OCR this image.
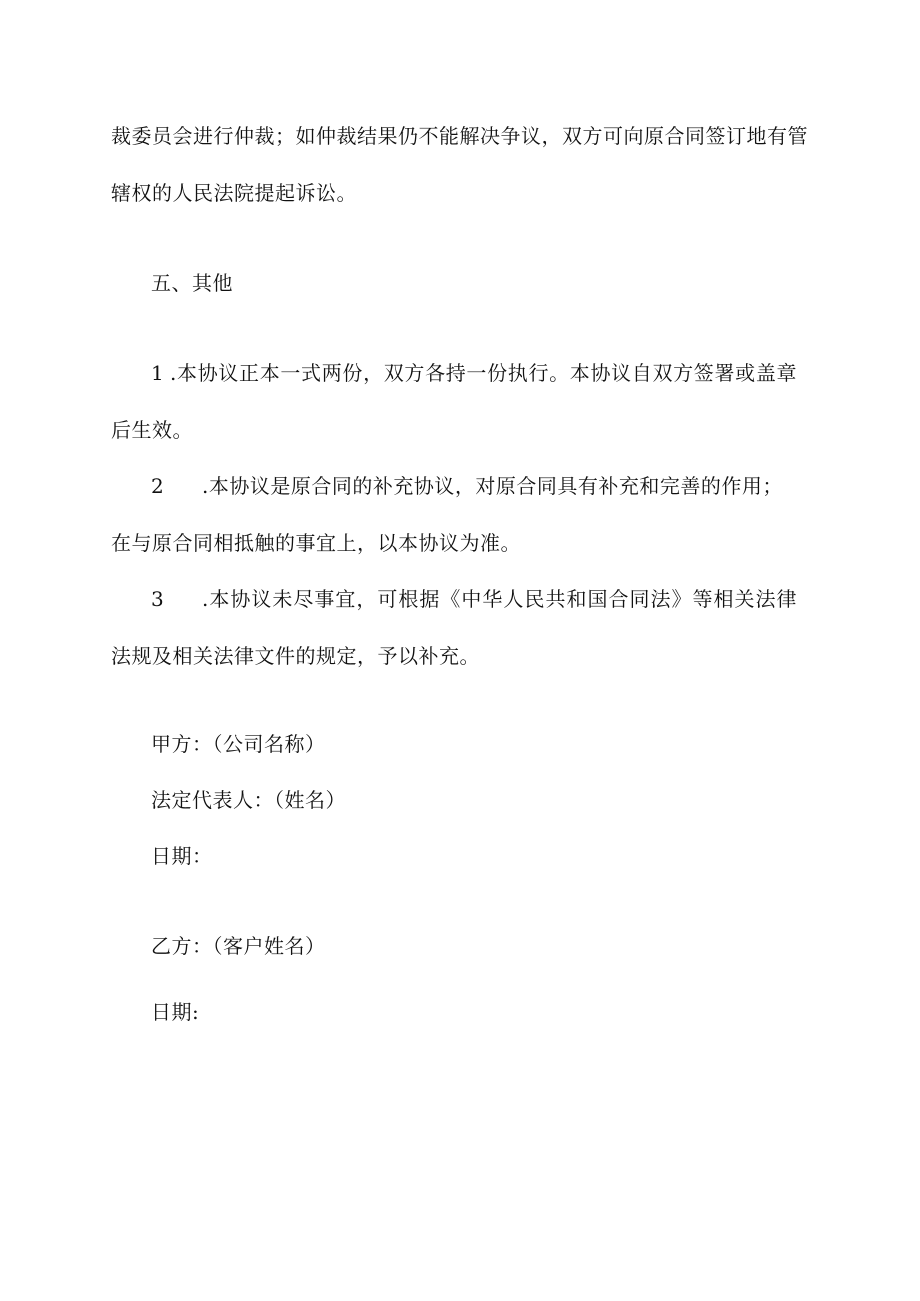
裁委员会进行仲裁；如仲裁结果仍不能解决争议，双方可向原合同签订地有管
辖权的人民法院提起诉讼。
五、其他
1 .本协议正本一式两份，双方各持一份执行。本协议自双方签署或盖章
后生效。
2 .本协议是原合同的补充协议，对原合同具有补充和完善的作用；
在与原合同相抵触的事宜上，以本协议为准。
3 .本协议未尽事宜，可根据《中华人民共和国合同法》等相关法律
法规及相关法律文件的规定，予以补充。
甲方：（公司名称）
法定代表人：（姓名）
日期：
乙方：（客户姓名）
日期:
